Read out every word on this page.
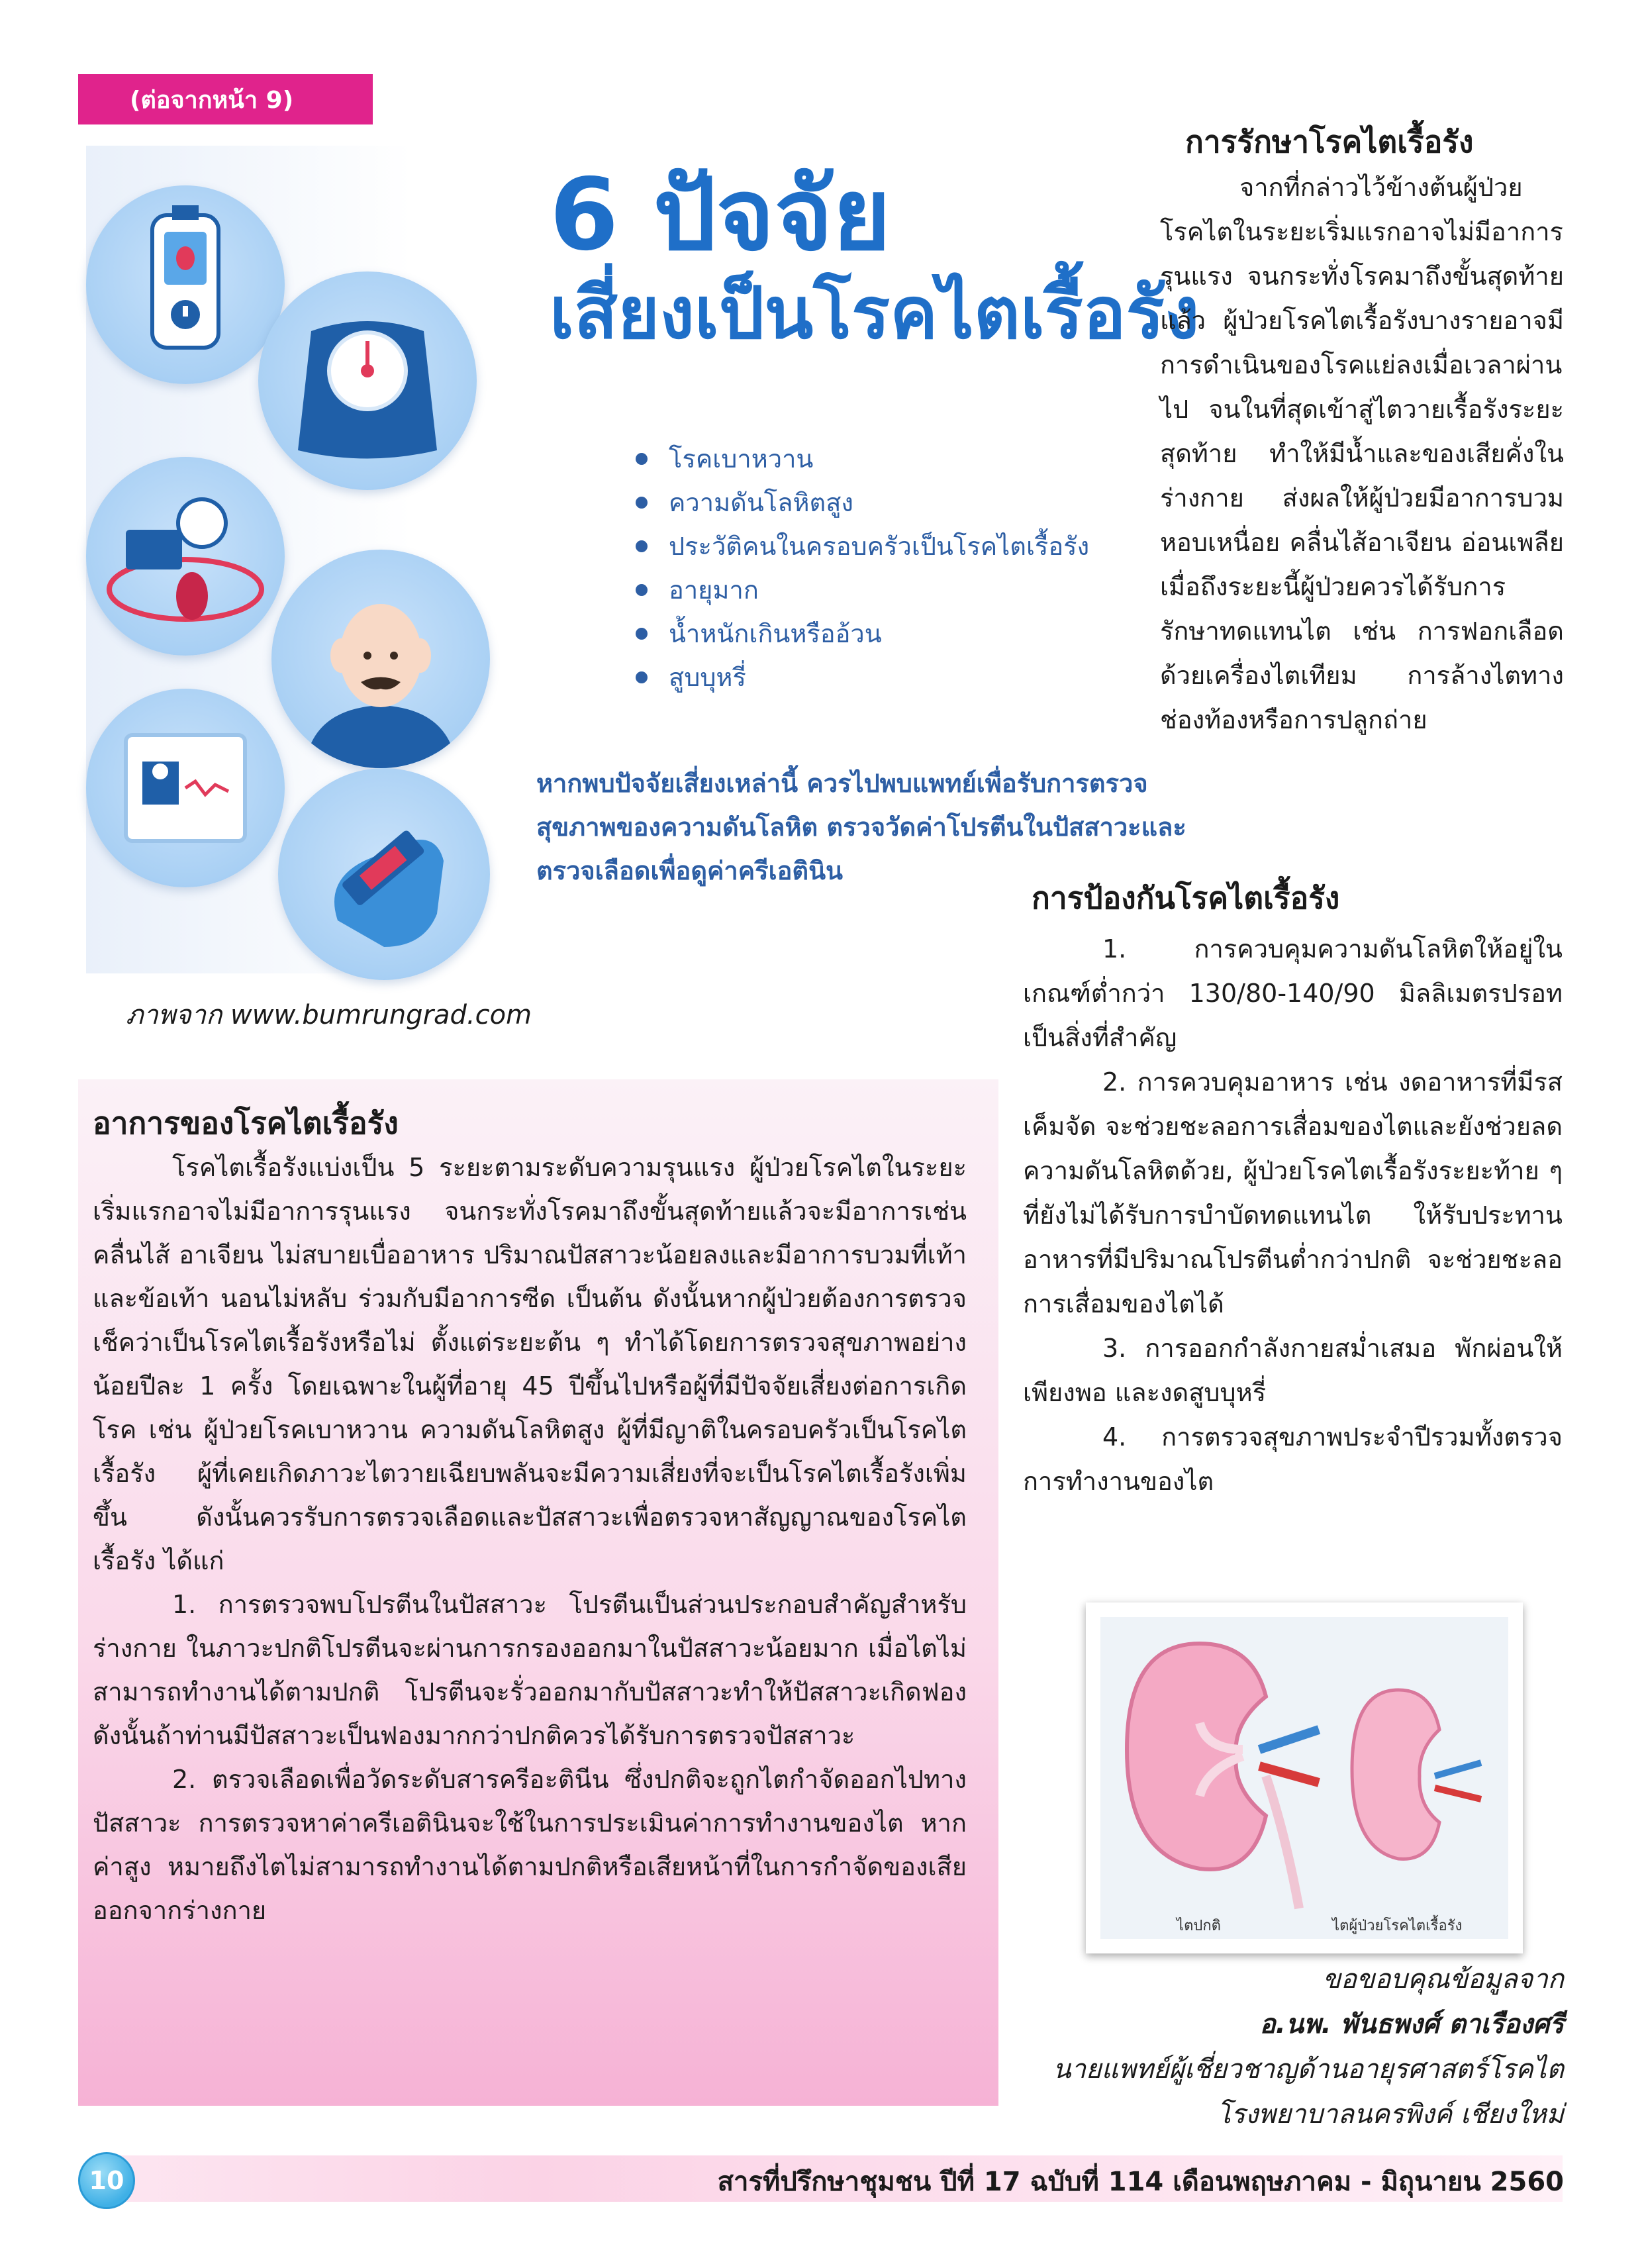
(ต่อจากหน้า 9)
6 ปัจจัย
เสี่ยงเป็นโรคไตเรื้อรัง
โรคเบาหวาน
ความดันโลหิตสูง
ประวัติคนในครอบครัวเป็นโรคไตเรื้อรัง
อายุมาก
น้ำหนักเกินหรืออ้วน
สูบบุหรี่
หากพบปัจจัยเสี่ยงเหล่านี้ ควรไปพบแพทย์เพื่อรับการตรวจสุขภาพของความดันโลหิต ตรวจวัดค่าโปรตีนในปัสสาวะและตรวจเลือดเพื่อดูค่าครีเอตินิน
ภาพจาก www.bumrungrad.com
การรักษาโรคไตเรื้อรัง

จากที่กล่าวไว้ข้างต้นผู้ป่วยโรคไตในระยะเริ่มแรกอาจไม่มีอาการรุนแรง จนกระทั่งโรคมาถึงขั้นสุดท้ายแล้ว ผู้ป่วยโรคไตเรื้อรังบางรายอาจมีการดำเนินของโรคแย่ลงเมื่อเวลาผ่านไป จนในที่สุดเข้าสู่ไตวายเรื้อรังระยะสุดท้าย ทำให้มีน้ำและของเสียคั่งในร่างกาย ส่งผลให้ผู้ป่วยมีอาการบวม หอบเหนื่อย คลื่นไส้อาเจียน อ่อนเพลีย เมื่อถึงระยะนี้ผู้ป่วยควรได้รับการรักษาทดแทนไต เช่น การฟอกเลือดด้วยเครื่องไตเทียม การล้างไตทางช่องท้องหรือการปลูกถ่าย

การป้องกันโรคไตเรื้อรัง

1. การควบคุมความดันโลหิตให้อยู่ในเกณฑ์ต่ำกว่า 130/80-140/90 มิลลิเมตรปรอท เป็นสิ่งที่สำคัญ

2. การควบคุมอาหาร เช่น งดอาหารที่มีรสเค็มจัด จะช่วยชะลอการเสื่อมของไตและยังช่วยลดความดันโลหิตด้วย, ผู้ป่วยโรคไตเรื้อรังระยะท้าย ๆ ที่ยังไม่ได้รับการบำบัดทดแทนไต ให้รับประทานอาหารที่มีปริมาณโปรตีนต่ำกว่าปกติ จะช่วยชะลอการเสื่อมของไตได้

3. การออกกำลังกายสม่ำเสมอ พักผ่อนให้เพียงพอ และงดสูบบุหรี่

4. การตรวจสุขภาพประจำปีรวมทั้งตรวจการทำงานของไต

อาการของโรคไตเรื้อรัง

โรคไตเรื้อรังแบ่งเป็น 5 ระยะตามระดับความรุนแรง ผู้ป่วยโรคไตในระยะเริ่มแรกอาจไม่มีอาการรุนแรง จนกระทั่งโรคมาถึงขั้นสุดท้ายแล้วจะมีอาการเช่น คลื่นไส้ อาเจียน ไม่สบายเบื่ออาหาร ปริมาณปัสสาวะน้อยลงและมีอาการบวมที่เท้าและข้อเท้า นอนไม่หลับ ร่วมกับมีอาการซีด เป็นต้น ดังนั้นหากผู้ป่วยต้องการตรวจเช็คว่าเป็นโรคไตเรื้อรังหรือไม่ ตั้งแต่ระยะต้น ๆ ทำได้โดยการตรวจสุขภาพอย่างน้อยปีละ 1 ครั้ง โดยเฉพาะในผู้ที่อายุ 45 ปีขึ้นไปหรือผู้ที่มีปัจจัยเสี่ยงต่อการเกิดโรค เช่น ผู้ป่วยโรคเบาหวาน ความดันโลหิตสูง ผู้ที่มีญาติในครอบครัวเป็นโรคไตเรื้อรัง ผู้ที่เคยเกิดภาวะไตวายเฉียบพลันจะมีความเสี่ยงที่จะเป็นโรคไตเรื้อรังเพิ่มขึ้น ดังนั้นควรรับการตรวจเลือดและปัสสาวะเพื่อตรวจหาสัญญาณของโรคไตเรื้อรัง ได้แก่

1. การตรวจพบโปรตีนในปัสสาวะ โปรตีนเป็นส่วนประกอบสำคัญสำหรับร่างกาย ในภาวะปกติโปรตีนจะผ่านการกรองออกมาในปัสสาวะน้อยมาก เมื่อไตไม่สามารถทำงานได้ตามปกติ โปรตีนจะรั่วออกมากับปัสสาวะทำให้ปัสสาวะเกิดฟอง ดังนั้นถ้าท่านมีปัสสาวะเป็นฟองมากกว่าปกติควรได้รับการตรวจปัสสาวะ

2. ตรวจเลือดเพื่อวัดระดับสารครีอะตินีน ซึ่งปกติจะถูกไตกำจัดออกไปทางปัสสาวะ การตรวจหาค่าครีเอตินินจะใช้ในการประเมินค่าการทำงานของไต หากค่าสูง หมายถึงไตไม่สามารถทำงานได้ตามปกติหรือเสียหน้าที่ในการกำจัดของเสียออกจากร่างกาย

ไตปกติ	ไตผู้ป่วยโรคไตเรื้อรัง
ขอขอบคุณข้อมูลจาก
อ.นพ. พันธพงศ์ ตาเรืองศรี
นายแพทย์ผู้เชี่ยวชาญด้านอายุรศาสตร์โรคไต
โรงพยาบาลนครพิงค์ เชียงใหม่
10	สารที่ปรึกษาชุมชน ปีที่ 17 ฉบับที่ 114 เดือนพฤษภาคม - มิถุนายน 2560
